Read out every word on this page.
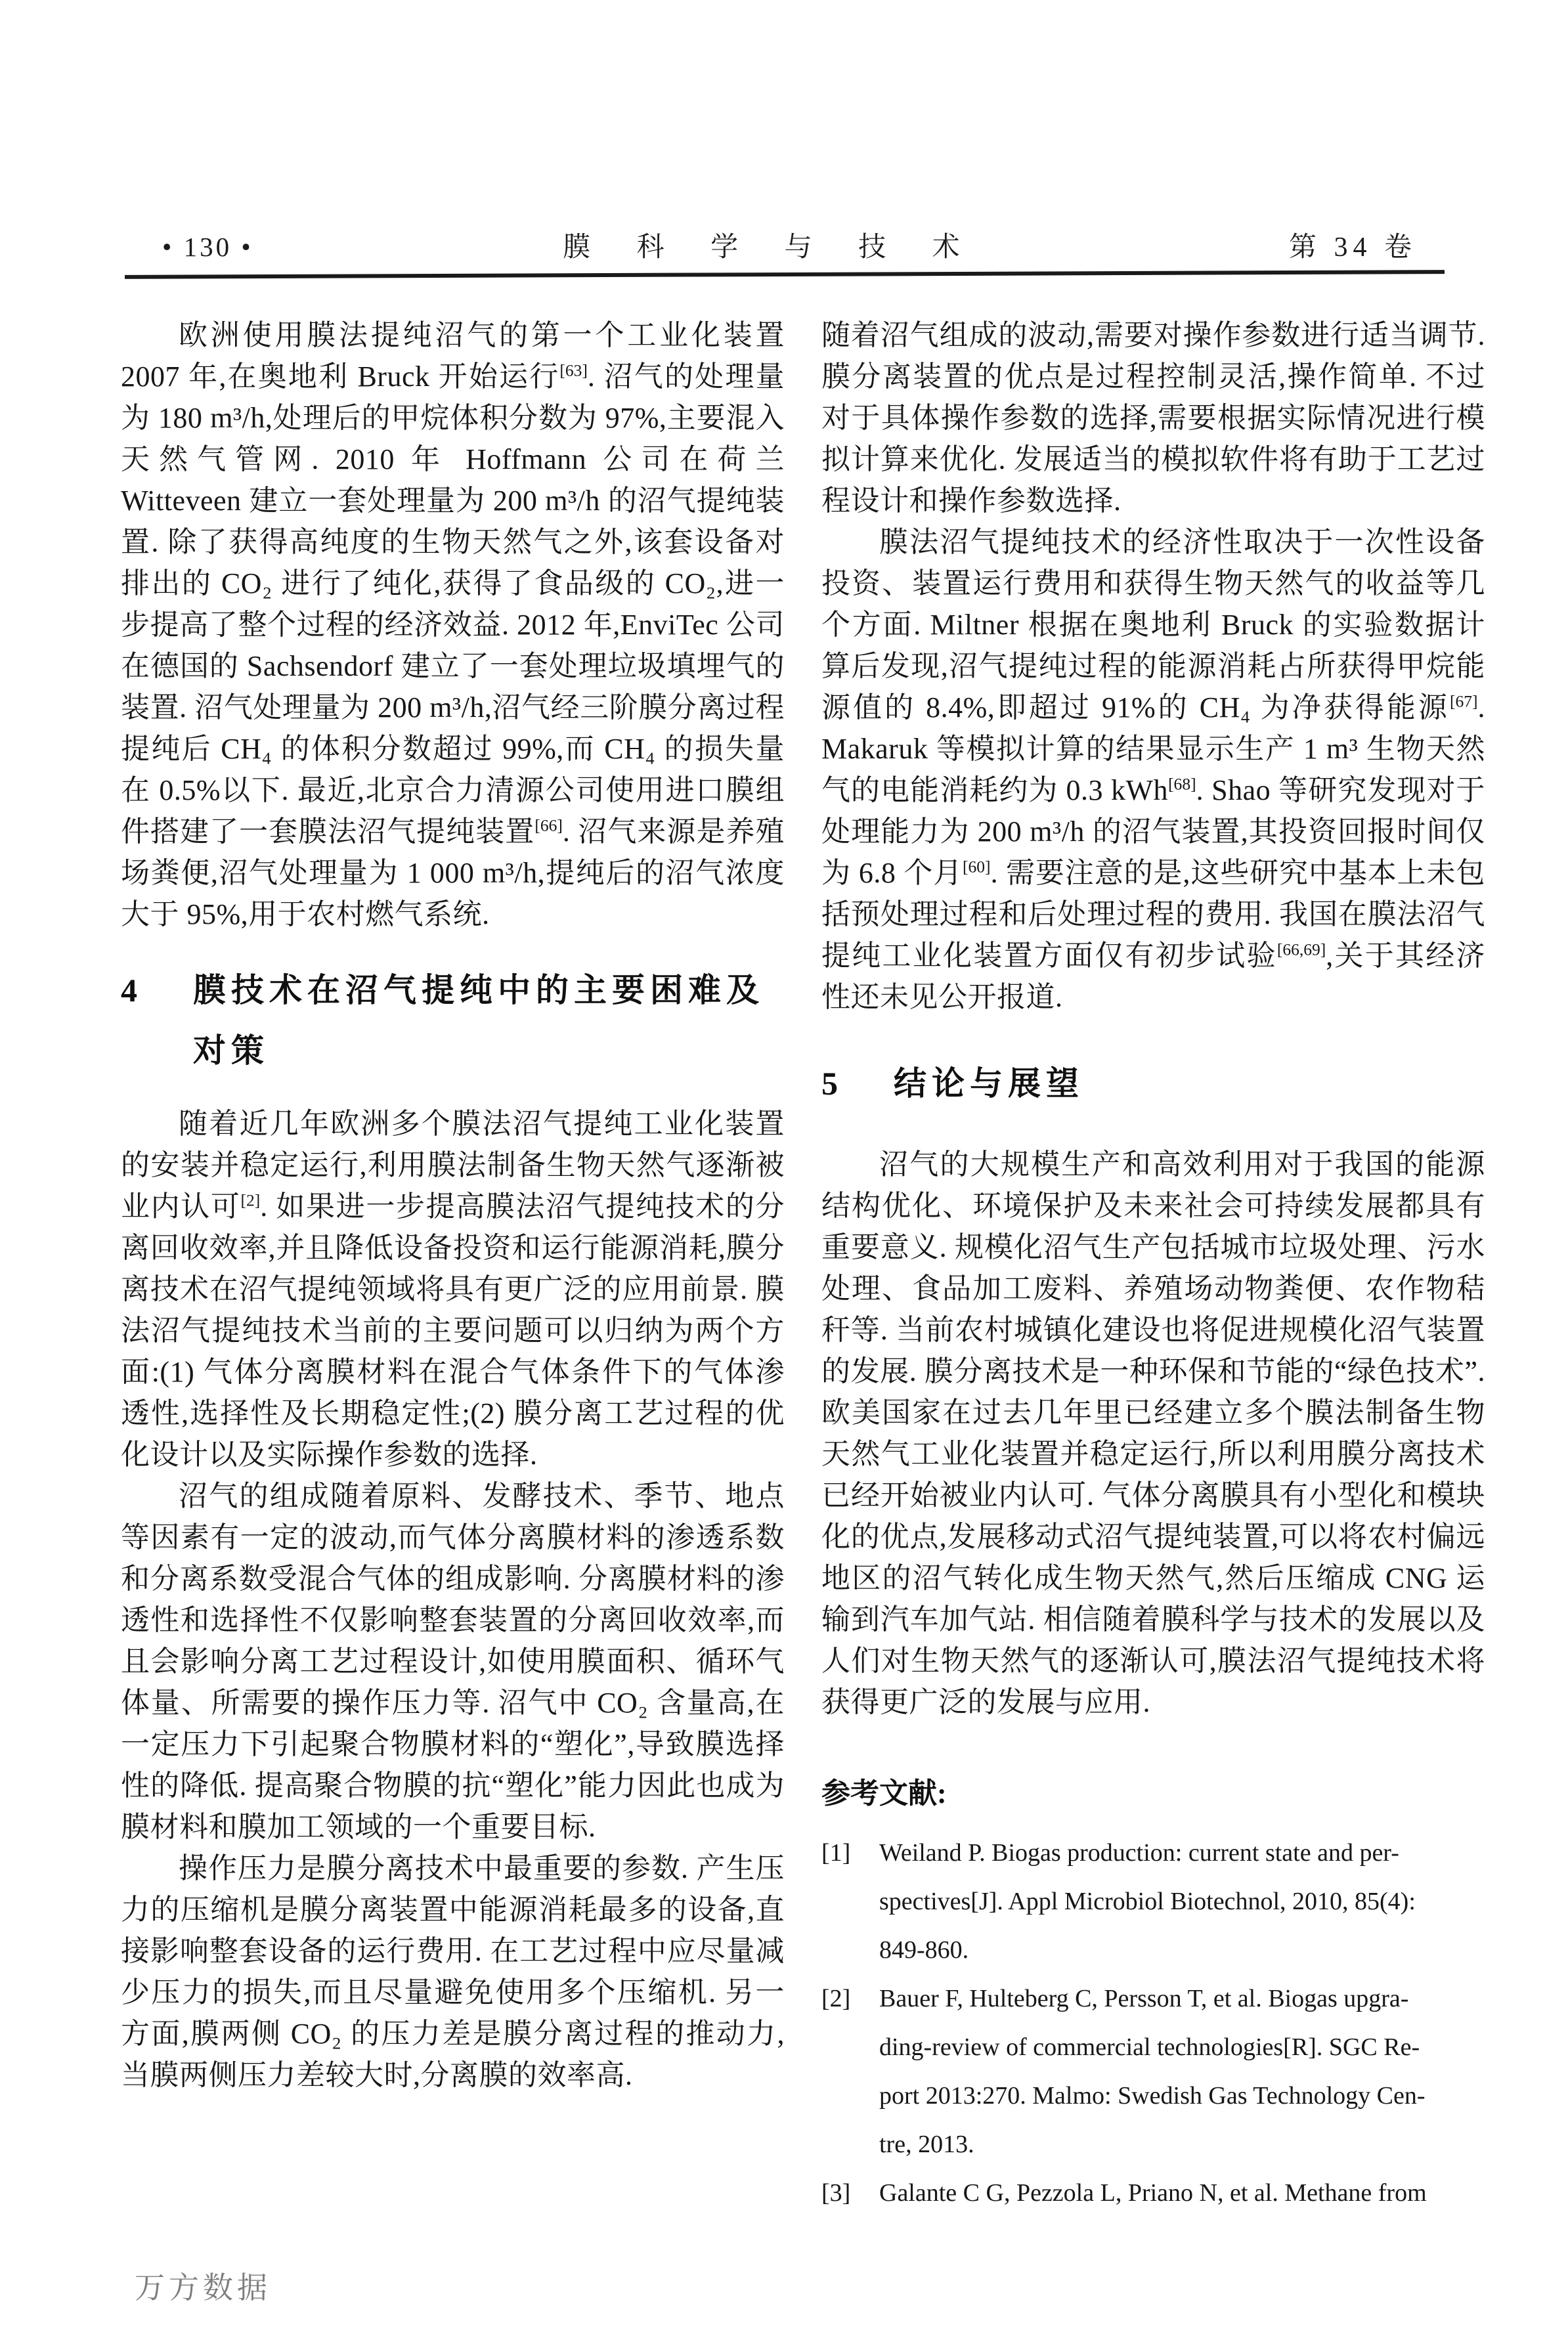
• 130 •	膜 科 学 与 技 术	第 34 卷

欧洲使用膜法提纯沼气的第一个工业化装置 2007 年,在奥地利 Bruck 开始运行[63]. 沼气的处理量为 180 m³/h,处理后的甲烷体积分数为 97%,主要混入天然气管网. 2010 年 Hoffmann 公司在荷兰 Witteveen 建立一套处理量为 200 m³/h 的沼气提纯装置. 除了获得高纯度的生物天然气之外,该套设备对排出的 CO₂ 进行了纯化,获得了食品级的 CO₂,进一步提高了整个过程的经济效益. 2012 年,EnviTec 公司在德国的 Sachsendorf 建立了一套处理垃圾填埋气的装置. 沼气处理量为 200 m³/h,沼气经三阶膜分离过程提纯后 CH₄ 的体积分数超过 99%,而 CH₄ 的损失量在 0.5%以下. 最近,北京合力清源公司使用进口膜组件搭建了一套膜法沼气提纯装置[66]. 沼气来源是养殖场粪便,沼气处理量为 1 000 m³/h,提纯后的沼气浓度大于 95%,用于农村燃气系统.

4	膜技术在沼气提纯中的主要困难及对策

随着近几年欧洲多个膜法沼气提纯工业化装置的安装并稳定运行,利用膜法制备生物天然气逐渐被业内认可[2]. 如果进一步提高膜法沼气提纯技术的分离回收效率,并且降低设备投资和运行能源消耗,膜分离技术在沼气提纯领域将具有更广泛的应用前景. 膜法沼气提纯技术当前的主要问题可以归纳为两个方面:(1) 气体分离膜材料在混合气体条件下的气体渗透性,选择性及长期稳定性;(2) 膜分离工艺过程的优化设计以及实际操作参数的选择.

沼气的组成随着原料、发酵技术、季节、地点等因素有一定的波动,而气体分离膜材料的渗透系数和分离系数受混合气体的组成影响. 分离膜材料的渗透性和选择性不仅影响整套装置的分离回收效率,而且会影响分离工艺过程设计,如使用膜面积、循环气体量、所需要的操作压力等. 沼气中 CO₂ 含量高,在一定压力下引起聚合物膜材料的“塑化”,导致膜选择性的降低. 提高聚合物膜的抗“塑化”能力因此也成为膜材料和膜加工领域的一个重要目标.

操作压力是膜分离技术中最重要的参数. 产生压力的压缩机是膜分离装置中能源消耗最多的设备,直接影响整套设备的运行费用. 在工艺过程中应尽量减少压力的损失,而且尽量避免使用多个压缩机. 另一方面,膜两侧 CO₂ 的压力差是膜分离过程的推动力,当膜两侧压力差较大时,分离膜的效率高.

随着沼气组成的波动,需要对操作参数进行适当调节. 膜分离装置的优点是过程控制灵活,操作简单. 不过对于具体操作参数的选择,需要根据实际情况进行模拟计算来优化. 发展适当的模拟软件将有助于工艺过程设计和操作参数选择.

膜法沼气提纯技术的经济性取决于一次性设备投资、装置运行费用和获得生物天然气的收益等几个方面. Miltner 根据在奥地利 Bruck 的实验数据计算后发现,沼气提纯过程的能源消耗占所获得甲烷能源值的 8.4%,即超过 91%的 CH₄ 为净获得能源[67]. Makaruk 等模拟计算的结果显示生产 1 m³ 生物天然气的电能消耗约为 0.3 kWh[68]. Shao 等研究发现对于处理能力为 200 m³/h 的沼气装置,其投资回报时间仅为 6.8 个月[60]. 需要注意的是,这些研究中基本上未包括预处理过程和后处理过程的费用. 我国在膜法沼气提纯工业化装置方面仅有初步试验[66,69],关于其经济性还未见公开报道.

5	结论与展望

沼气的大规模生产和高效利用对于我国的能源结构优化、环境保护及未来社会可持续发展都具有重要意义. 规模化沼气生产包括城市垃圾处理、污水处理、食品加工废料、养殖场动物粪便、农作物秸秆等. 当前农村城镇化建设也将促进规模化沼气装置的发展. 膜分离技术是一种环保和节能的“绿色技术”. 欧美国家在过去几年里已经建立多个膜法制备生物天然气工业化装置并稳定运行,所以利用膜分离技术已经开始被业内认可. 气体分离膜具有小型化和模块化的优点,发展移动式沼气提纯装置,可以将农村偏远地区的沼气转化成生物天然气,然后压缩成 CNG 运输到汽车加气站. 相信随着膜科学与技术的发展以及人们对生物天然气的逐渐认可,膜法沼气提纯技术将获得更广泛的发展与应用.

参考文献:
[1]	Weiland P. Biogas production: current state and per-
spectives[J]. Appl Microbiol Biotechnol, 2010, 85(4):
849-860.
[2]	Bauer F, Hulteberg C, Persson T, et al. Biogas upgra-
ding-review of commercial technologies[R]. SGC Re-
port 2013:270. Malmo: Swedish Gas Technology Cen-
tre, 2013.
[3]	Galante C G, Pezzola L, Priano N, et al. Methane from
万方数据
